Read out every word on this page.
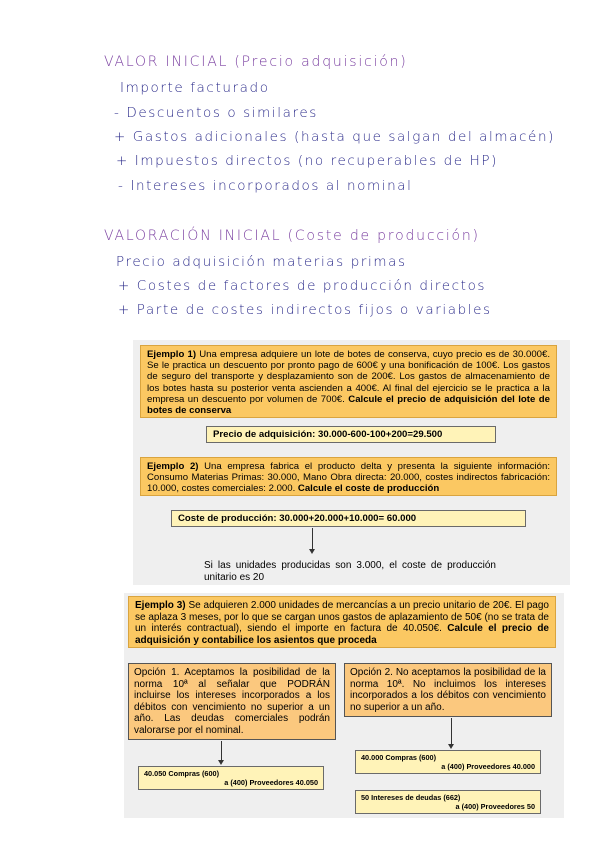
VALOR INICIAL (Precio adquisición)
Importe facturado
- Descuentos o similares
+ Gastos adicionales (hasta que salgan del almacén)
+ Impuestos directos (no recuperables de HP)
- Intereses incorporados al nominal
VALORACIÓN INICIAL (Coste de producción)
Precio adquisición materias primas
+ Costes de factores de producción directos
+ Parte de costes indirectos fijos o variables
Ejemplo 1) Una empresa adquiere un lote de botes de conserva, cuyo precio es de 30.000€. Se le practica un descuento por pronto pago de 600€ y una bonificación de 100€. Los gastos de seguro del transporte y desplazamiento son de 200€. Los gastos de almacenamiento de los botes hasta su posterior venta ascienden a 400€. Al final del ejercicio se le practica a la empresa un descuento por volumen de 700€. Calcule el precio de adquisición del lote de botes de conserva
Precio de adquisición: 30.000-600-100+200=29.500
Ejemplo 2) Una empresa fabrica el producto delta y presenta la siguiente información: Consumo Materias Primas: 30.000, Mano Obra directa: 20.000, costes indirectos fabricación: 10.000, costes comerciales: 2.000. Calcule el coste de producción
Coste de producción: 30.000+20.000+10.000= 60.000
Si las unidades producidas son 3.000, el coste de producción unitario es 20
Ejemplo 3) Se adquieren 2.000 unidades de mercancías a un precio unitario de 20€. El pago se aplaza 3 meses, por lo que se cargan unos gastos de aplazamiento de 50€ (no se trata de un interés contractual), siendo el importe en factura de 40.050€. Calcule el precio de adquisición y contabilice los asientos que proceda
Opción 1. Aceptamos la posibilidad de la norma 10ª al señalar que PODRÁN incluirse los intereses incorporados a los débitos con vencimiento no superior a un año. Las deudas comerciales podrán valorarse por el nominal.
Opción 2. No aceptamos la posibilidad de la norma 10ª. No incluimos los intereses incorporados a los débitos con vencimiento no superior a un año.
40.050 Compras (600)
a (400) Proveedores 40.050
40.000 Compras (600)
a (400) Proveedores 40.000
50 Intereses de deudas (662)
a (400) Proveedores 50
